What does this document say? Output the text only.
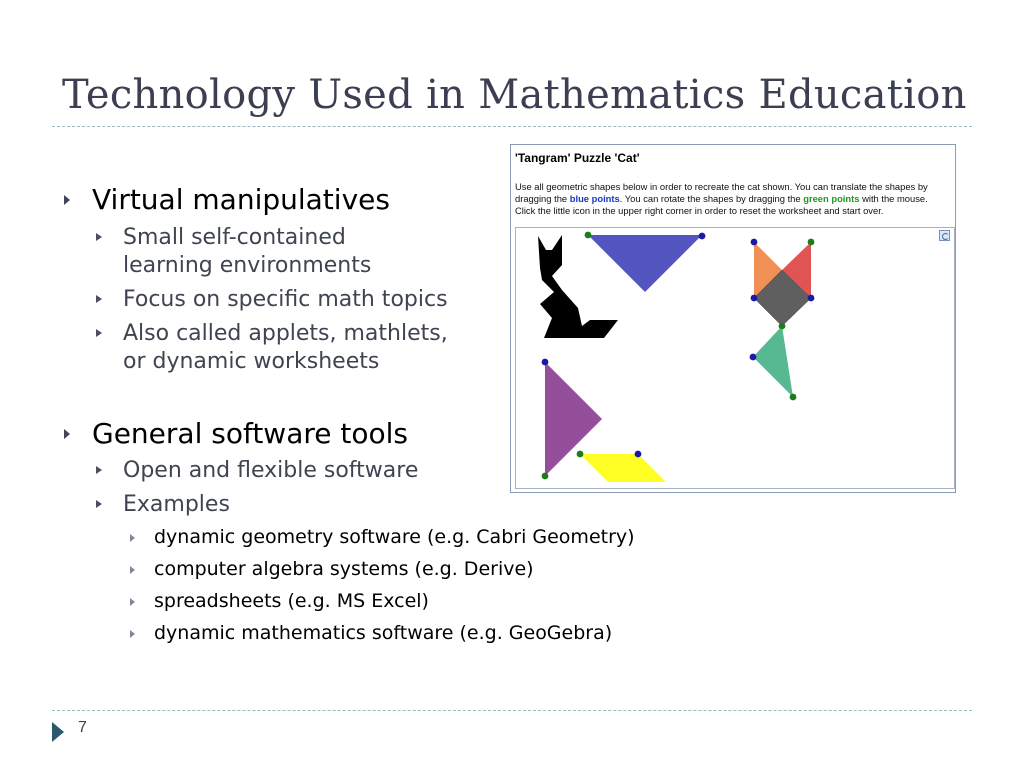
Technology Used in Mathematics Education
Virtual manipulatives
Small self-contained
learning environments
Focus on specific math topics
Also called applets, mathlets,
or dynamic worksheets
General software tools
Open and flexible software
Examples
dynamic geometry software (e.g. Cabri Geometry)
computer algebra systems (e.g. Derive)
spreadsheets (e.g. MS Excel)
dynamic mathematics software (e.g. GeoGebra)
'Tangram' Puzzle 'Cat'
Use all geometric shapes below in order to recreate the cat shown. You can translate the shapes by
dragging the blue points. You can rotate the shapes by dragging the green points with the mouse.
Click the little icon in the upper right corner in order to reset the worksheet and start over.
7
